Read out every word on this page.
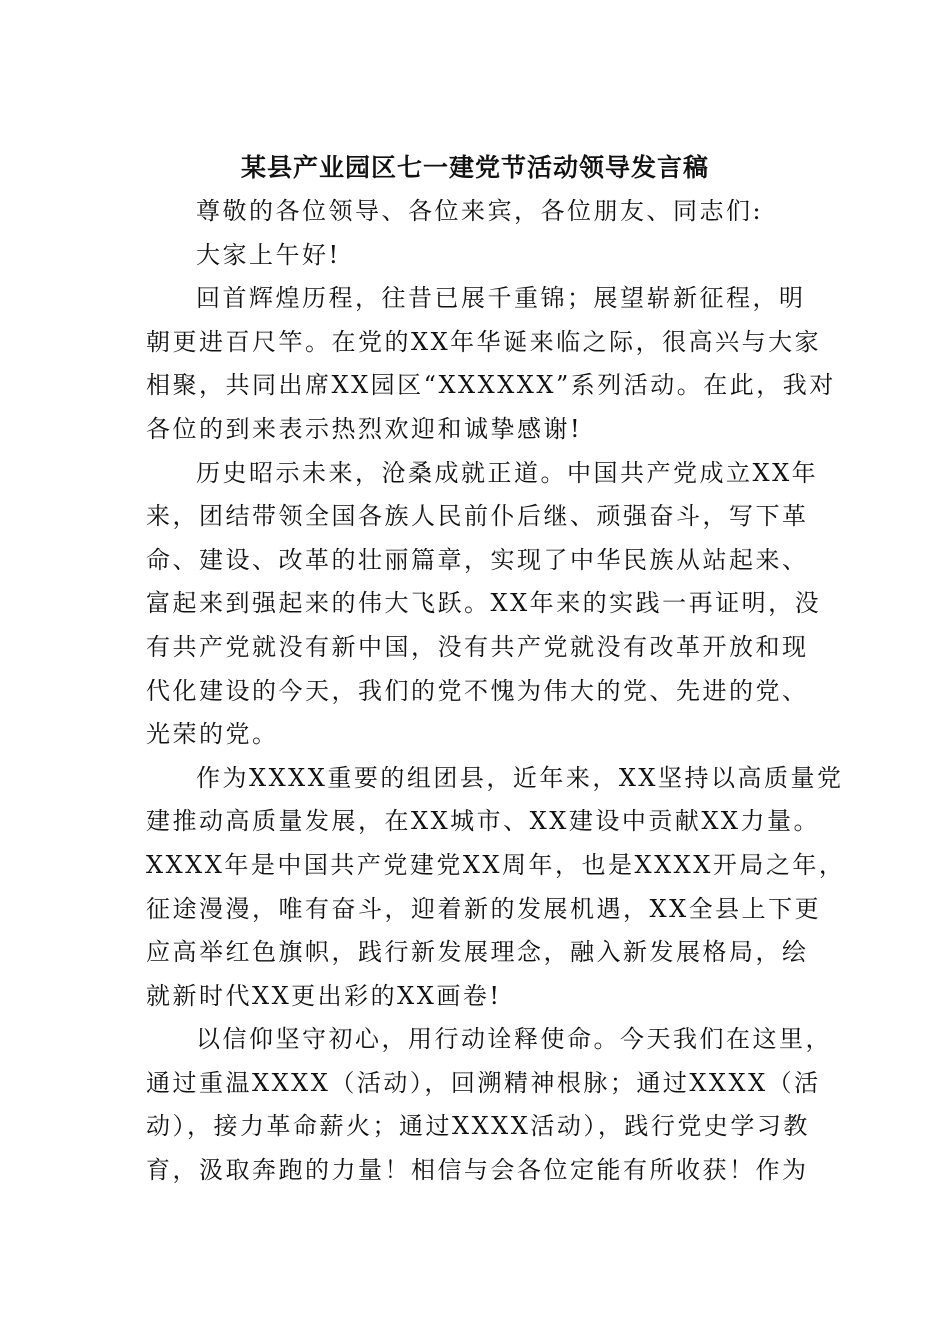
某县产业园区七一建党节活动领导发言稿
尊敬的各位领导、各位来宾，各位朋友、同志们:
大家上午好!
回首辉煌历程，往昔已展千重锦；展望崭新征程，明
朝更进百尺竿。在党的XX年华诞来临之际，很高兴与大家
相聚，共同出席XX园区“XXXXXX”系列活动。在此，我对
各位的到来表示热烈欢迎和诚挚感谢!
历史昭示未来，沧桑成就正道。中国共产党成立XX年
来，团结带领全国各族人民前仆后继、顽强奋斗，写下革
命、建设、改革的壮丽篇章，实现了中华民族从站起来、
富起来到强起来的伟大飞跃。XX年来的实践一再证明，没
有共产党就没有新中国，没有共产党就没有改革开放和现
代化建设的今天，我们的党不愧为伟大的党、先进的党、
光荣的党。
作为XXXX重要的组团县，近年来，XX坚持以高质量党
建推动高质量发展，在XX城市、XX建设中贡献XX力量。
XXXX年是中国共产党建党XX周年，也是XXXX开局之年，
征途漫漫，唯有奋斗，迎着新的发展机遇，XX全县上下更
应高举红色旗帜，践行新发展理念，融入新发展格局，绘
就新时代XX更出彩的XX画卷!
以信仰坚守初心，用行动诠释使命。今天我们在这里，
通过重温XXXX（活动），回溯精神根脉；通过XXXX（活
动），接力革命薪火；通过XXXX活动），践行党史学习教
育，汲取奔跑的力量！相信与会各位定能有所收获！作为
